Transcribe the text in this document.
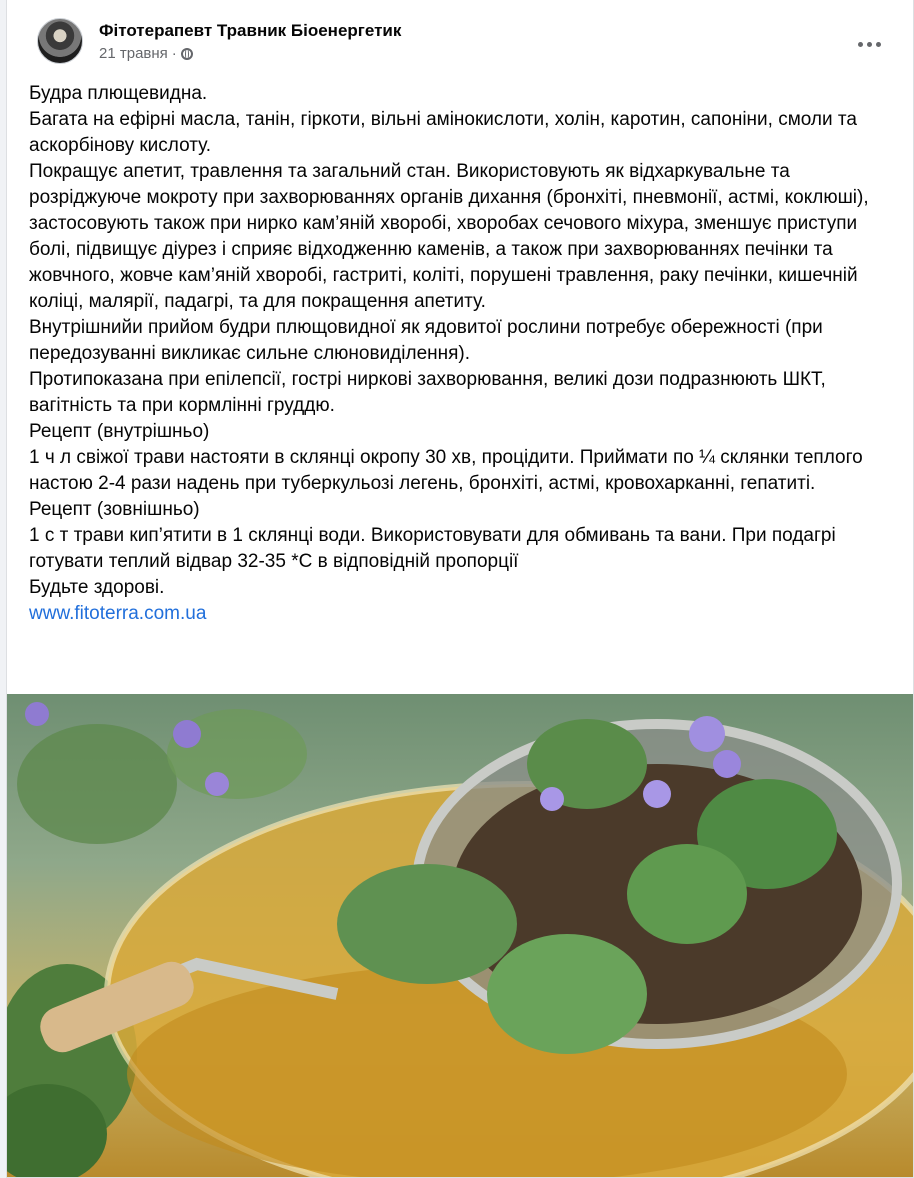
Фітотерапевт Травник Біоенергетик
21 травня ·

Будра плющевидна.

Багата на ефірні масла, танін, гіркоти, вільні амінокислоти, холін, каротин, сапоніни, смоли та аскорбінову кислоту.

Покращує апетит, травлення та загальний стан. Використовують як відхаркувальне та розріджуюче мокроту при захворюваннях органів дихання (бронхіті, пневмонії, астмі, коклюші), застосовують також при нирко кам’яній хворобі, хворобах сечового міхура, зменшує приступи болі, підвищує діурез і сприяє відходженню каменів, а також при захворюваннях печінки та жовчного, жовче кам’яній хворобі, гастриті, коліті, порушені травлення, раку печінки, кишечній коліці, малярії, падагрі, та для покращення апетиту.

Внутрішнийи прийом будри плющовидної як ядовитої рослини потребує обережності (при передозуванні викликає сильне слюновиділення).

Протипоказана при епілепсії, гострі ниркові захворювання, великі дози подразнюють ШКТ, вагітність та при кормлінні груддю.

Рецепт (внутрішньо)

1 ч л свіжої трави настояти в склянці окропу 30 хв, процідити. Приймати по ¼ склянки теплого настою 2-4 рази надень при туберкульозі легень, бронхіті, астмі, кровохарканні, гепатиті.

Рецепт (зовнішньо)

1 с т трави кип’ятити в 1 склянці води. Використовувати для обмивань та вани. При подагрі готувати теплий відвар 32-35 *С в відповідній пропорції

Будьте здорові.

www.fitoterra.com.ua
